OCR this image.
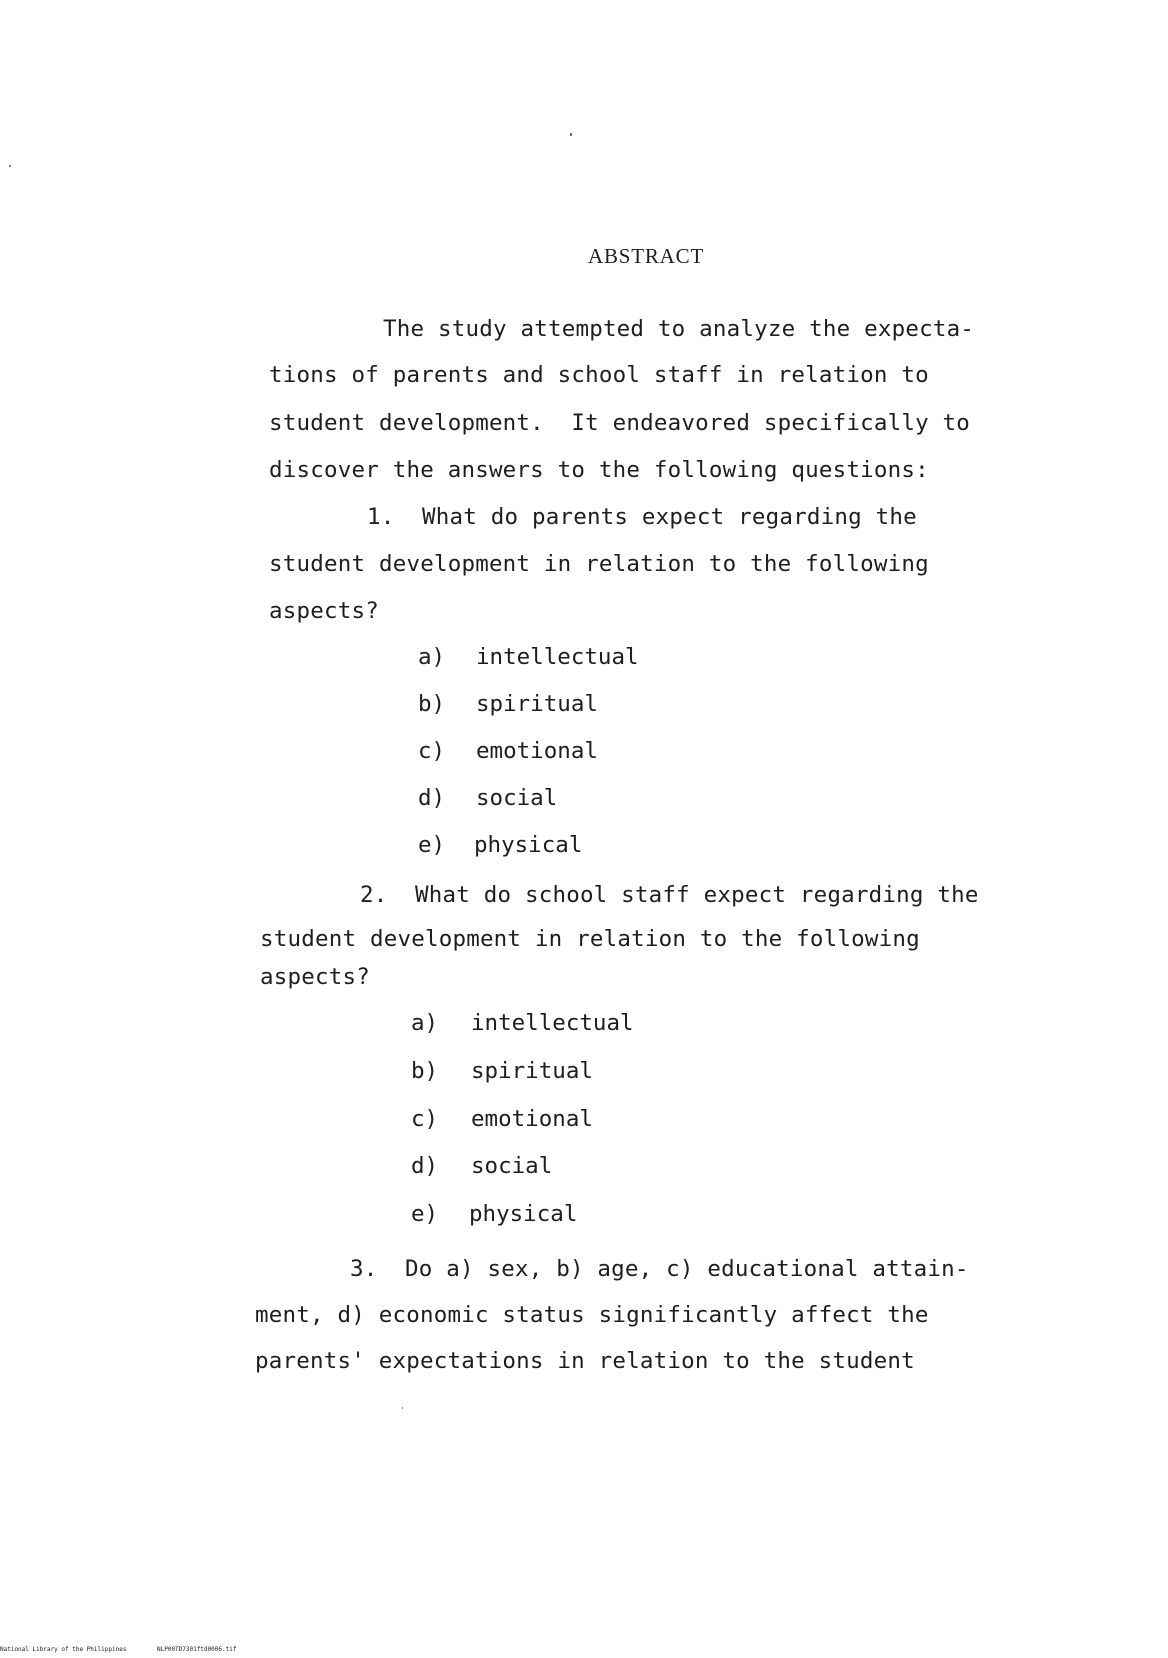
ABSTRACT
The study attempted to analyze the expecta-
tions of parents and school staff in relation to
student development.  It endeavored specifically to
discover the answers to the following questions:
1.  What do parents expect regarding the
student development in relation to the following
aspects?
a) intellectual
b) spiritual
c) emotional
d) social
e) physical
2.  What do school staff expect regarding the
student development in relation to the following
aspects?
a) intellectual
b) spiritual
c) emotional
d) social
e) physical
3.  Do a) sex, b) age, c) educational attain-
ment, d) economic status significantly affect the
parents' expectations in relation to the student
National Library of the Philippines	NLP00TD7301ftd0006.tif
